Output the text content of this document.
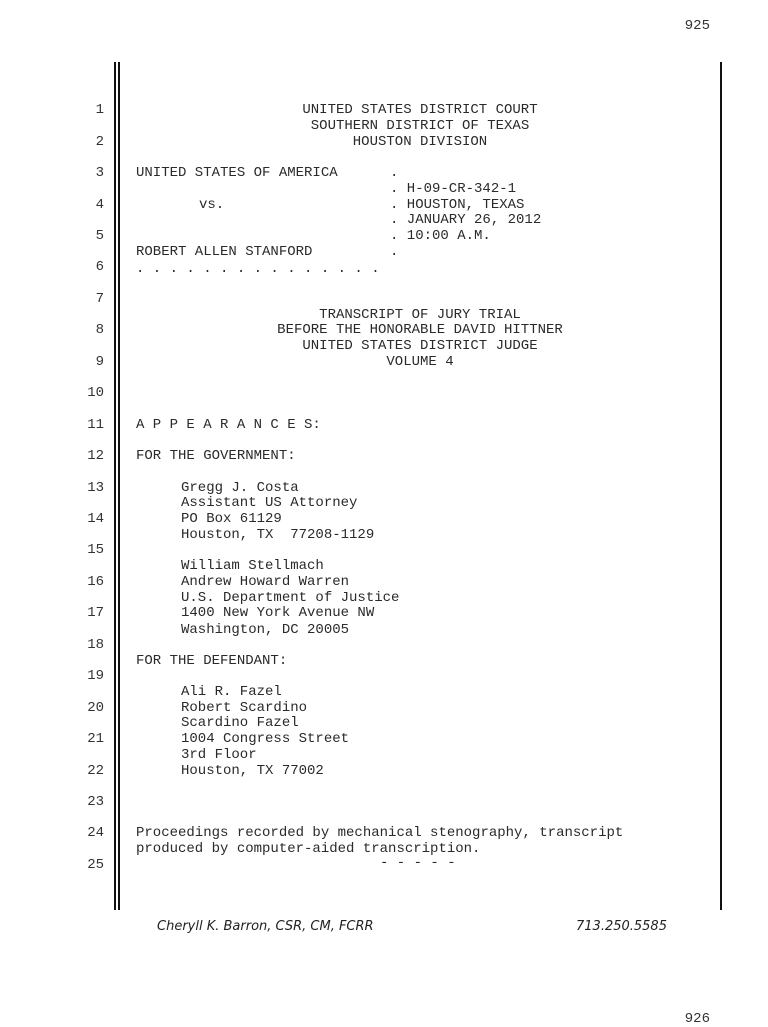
925
1
2
3
4
5
6
7
8
9
10
11
12
13
14
15
16
17
18
19
20
21
22
23
24
25
UNITED STATES DISTRICT COURT
SOUTHERN DISTRICT OF TEXAS
HOUSTON DIVISION
UNITED STATES OF AMERICA	.
. H-09-CR-342-1
vs.	. HOUSTON, TEXAS
. JANUARY 26, 2012
. 10:00 A.M.
ROBERT ALLEN STANFORD	.
. . . . . . . . . . . . . . .
TRANSCRIPT OF JURY TRIAL
BEFORE THE HONORABLE DAVID HITTNER
UNITED STATES DISTRICT JUDGE
VOLUME 4
A P P E A R A N C E S:
FOR THE GOVERNMENT:
Gregg J. Costa
Assistant US Attorney
PO Box 61129
Houston, TX  77208-1129
William Stellmach
Andrew Howard Warren
U.S. Department of Justice
1400 New York Avenue NW
Washington, DC 20005
FOR THE DEFENDANT:
Ali R. Fazel
Robert Scardino
Scardino Fazel
1004 Congress Street
3rd Floor
Houston, TX 77002
Proceedings recorded by mechanical stenography, transcript
produced by computer-aided transcription.
- - - - -
Cheryll K. Barron, CSR, CM, FCRR	713.250.5585
926
